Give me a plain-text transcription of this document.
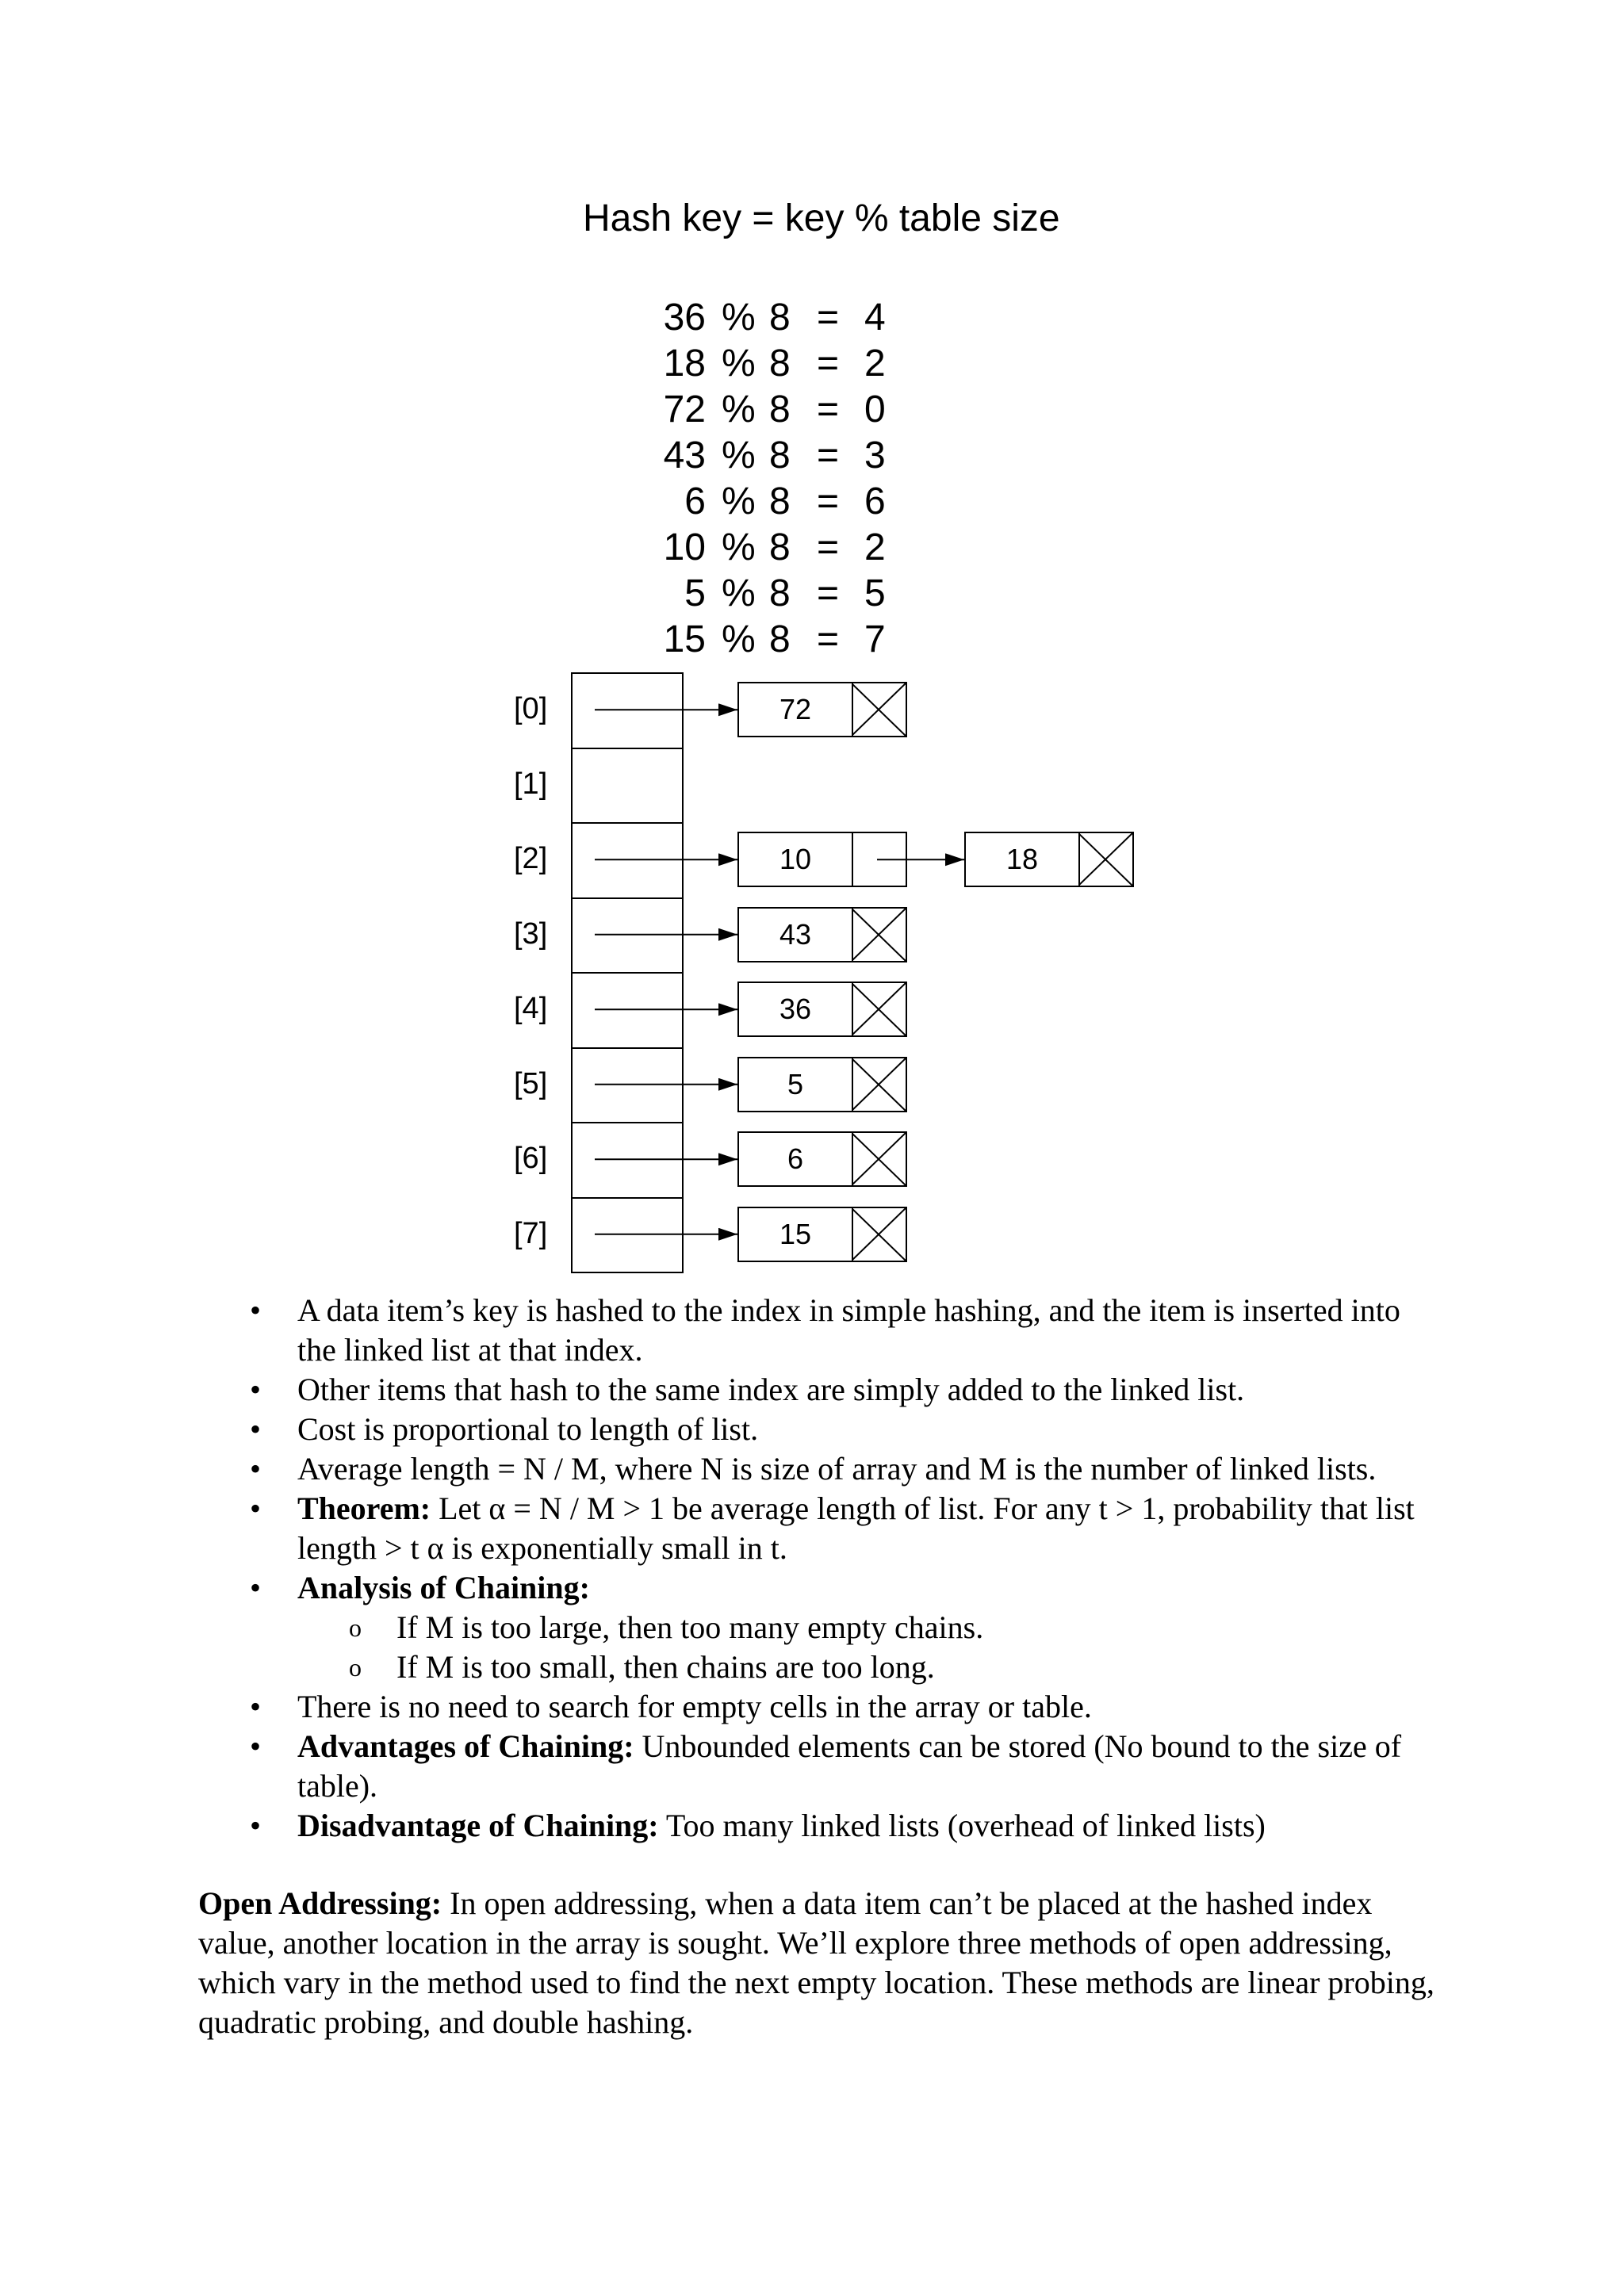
Hash key = key % table size
36 % 8 = 4
18 % 8 = 2
72 % 8 = 0
43 % 8 = 3
6 % 8 = 6
10 % 8 = 2
5 % 8 = 5
15 % 8 = 7
[0]	72
[1]
[2]	10	18
[3]	43
[4]	36
[5]	5
[6]	6
[7]	15
• A data item’s key is hashed to the index in simple hashing, and the item is inserted into the linked list at that index.
• Other items that hash to the same index are simply added to the linked list.
• Cost is proportional to length of list.
• Average length = N / M, where N is size of array and M is the number of linked lists.
• Theorem: Let α = N / M > 1 be average length of list. For any t > 1, probability that list length > t α is exponentially small in t.
• Analysis of Chaining:
o If M is too large, then too many empty chains.
o If M is too small, then chains are too long.
• There is no need to search for empty cells in the array or table.
• Advantages of Chaining: Unbounded elements can be stored (No bound to the size of table).
• Disadvantage of Chaining: Too many linked lists (overhead of linked lists)
Open Addressing: In open addressing, when a data item can’t be placed at the hashed index value, another location in the array is sought. We’ll explore three methods of open addressing, which vary in the method used to find the next empty location. These methods are linear probing, quadratic probing, and double hashing.
